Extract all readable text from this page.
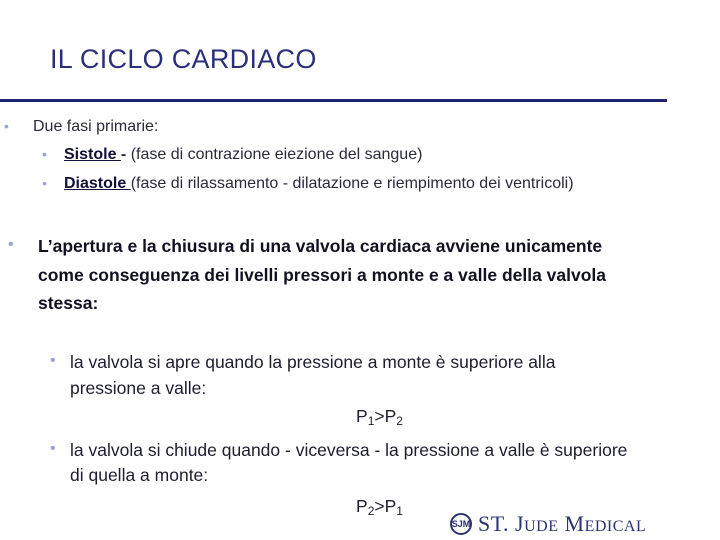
IL CICLO CARDIACO
• Due fasi primarie:
• Sistole - (fase di contrazione eiezione del sangue)
• Diastole (fase di rilassamento - dilatazione e riempimento dei ventricoli)
• L’apertura e la chiusura di una valvola cardiaca avviene unicamente
come conseguenza dei livelli pressori a monte e a valle della valvola
stessa:
• la valvola si apre quando la pressione a monte è superiore alla
pressione a valle:
$P_1>P_2$
• la valvola si chiude quando - viceversa - la pressione a valle è superiore
di quella a monte:
$P_2>P_1$
SJM ST. JUDE MEDICAL
